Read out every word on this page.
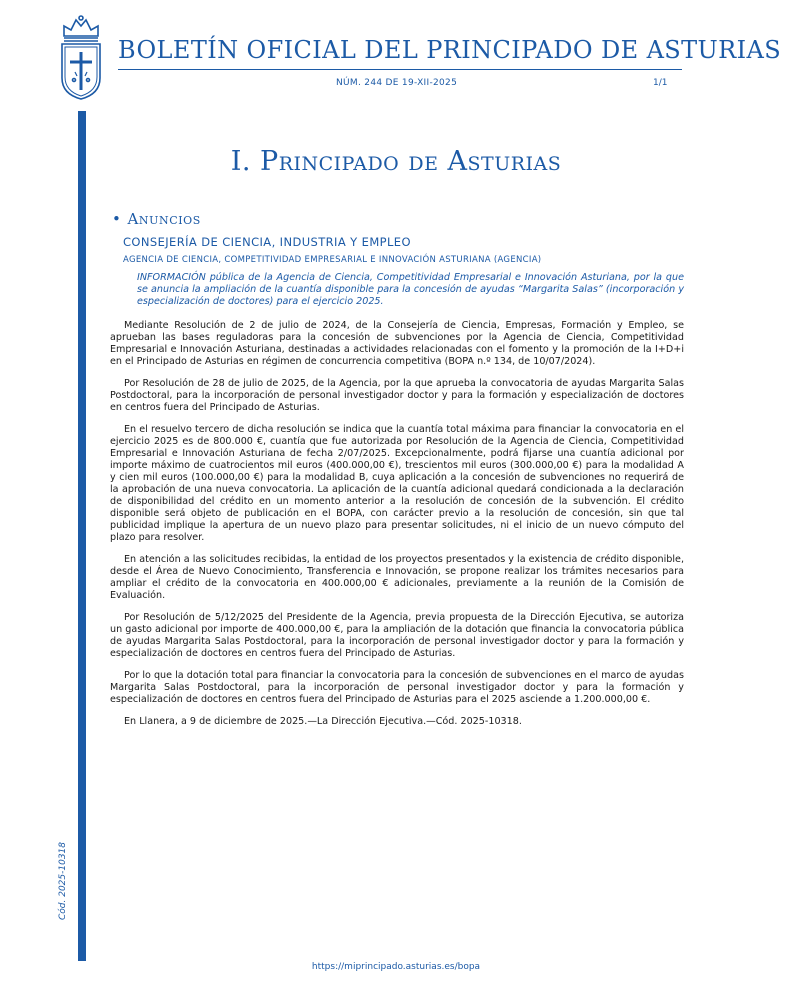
BOLETÍN OFICIAL DEL PRINCIPADO DE ASTURIAS
NÚM. 244 DE 19-XII-2025	1/1
Cód. 2025-10318
I. Principado de Asturias
• Anuncios
CONSEJERÍA DE CIENCIA, INDUSTRIA Y EMPLEO
AGENCIA DE CIENCIA, COMPETITIVIDAD EMPRESARIAL E INNOVACIÓN ASTURIANA (AGENCIA)
INFORMACIÓN pública de la Agencia de Ciencia, Competitividad Empresarial e Innovación Asturiana, por la que se anuncia la ampliación de la cuantía disponible para la concesión de ayudas “Margarita Salas” (incorporación y especialización de doctores) para el ejercicio 2025.

Mediante Resolución de 2 de julio de 2024, de la Consejería de Ciencia, Empresas, Formación y Empleo, se aprueban las bases reguladoras para la concesión de subvenciones por la Agencia de Ciencia, Competitividad Empresarial e Innovación Asturiana, destinadas a actividades relacionadas con el fomento y la promoción de la I+D+i en el Principado de Asturias en régimen de concurrencia competitiva (BOPA n.º 134, de 10/07/2024).

Por Resolución de 28 de julio de 2025, de la Agencia, por la que aprueba la convocatoria de ayudas Margarita Salas Postdoctoral, para la incorporación de personal investigador doctor y para la formación y especialización de doctores en centros fuera del Principado de Asturias.

En el resuelvo tercero de dicha resolución se indica que la cuantía total máxima para financiar la convocatoria en el ejercicio 2025 es de 800.000 €, cuantía que fue autorizada por Resolución de la Agencia de Ciencia, Competitividad Empresarial e Innovación Asturiana de fecha 2/07/2025. Excepcionalmente, podrá fijarse una cuantía adicional por importe máximo de cuatrocientos mil euros (400.000,00 €), trescientos mil euros (300.000,00 €) para la modalidad A y cien mil euros (100.000,00 €) para la modalidad B, cuya aplicación a la concesión de subvenciones no requerirá de la aprobación de una nueva convocatoria. La aplicación de la cuantía adicional quedará condicionada a la declaración de disponibilidad del crédito en un momento anterior a la resolución de concesión de la subvención. El crédito disponible será objeto de publicación en el BOPA, con carácter previo a la resolución de concesión, sin que tal publicidad implique la apertura de un nuevo plazo para presentar solicitudes, ni el inicio de un nuevo cómputo del plazo para resolver.

En atención a las solicitudes recibidas, la entidad de los proyectos presentados y la existencia de crédito disponible, desde el Área de Nuevo Conocimiento, Transferencia e Innovación, se propone realizar los trámites necesarios para ampliar el crédito de la convocatoria en 400.000,00 € adicionales, previamente a la reunión de la Comisión de Evaluación.

Por Resolución de 5/12/2025 del Presidente de la Agencia, previa propuesta de la Dirección Ejecutiva, se autoriza un gasto adicional por importe de 400.000,00 €, para la ampliación de la dotación que financia la convocatoria pública de ayudas Margarita Salas Postdoctoral, para la incorporación de personal investigador doctor y para la formación y especialización de doctores en centros fuera del Principado de Asturias.

Por lo que la dotación total para financiar la convocatoria para la concesión de subvenciones en el marco de ayudas Margarita Salas Postdoctoral, para la incorporación de personal investigador doctor y para la formación y especialización de doctores en centros fuera del Principado de Asturias para el 2025 asciende a 1.200.000,00 €.

En Llanera, a 9 de diciembre de 2025.—La Dirección Ejecutiva.—Cód. 2025-10318.

https://miprincipado.asturias.es/bopa
